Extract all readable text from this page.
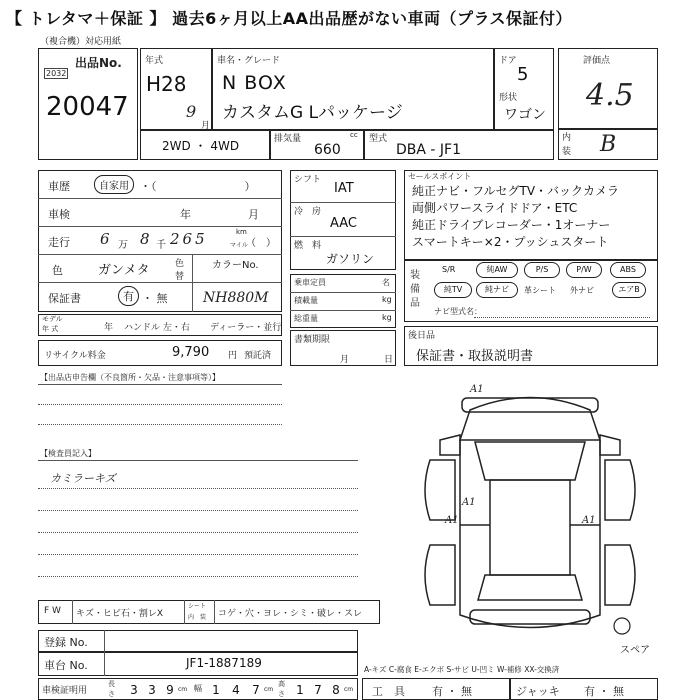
【 トレタマ＋保証 】 過去6ヶ月以上AA出品歴がない車両（プラス保証付）
（複合機）対応用紙
出品No.
2032
20047
年式
H28
9
月
車名・グレード
N BOX
カスタムG Lパッケージ
ドア
5
形状
ワゴン
評価点
4.5
内
装 B
2WD ・ 4WD	排気量	cc
660
型式
DBA - JF1
車歴	自家用	・（　　　　　　　　）
車検	年	月
走行 6 万 8 千 265	km
マイル
（　）
色	ガンメタ	色
替
カラーNo.
NH880M
保証書	有 ・ 無
モデル
年 式	年 ハンドル 左・右 ディーラー・並行
リサイクル料金	9,790 円 預託済
シフト
IAT
冷　房
AAC
燃　料
ガソリン
乗車定員	名
積載量	kg
総重量	kg
書類期限
月	日
セールスポイント
純正ナビ・フルセグTV・バックカメラ
両側パワースライドドア・ETC
純正ドライブレコーダー・1オーナー
スマートキー×2・プッシュスタート
装
備
品
S/R	純AW	P/S	P/W	ABS
純TV	純ナビ	革シート 外ナビ	エアB
ナビ型式名：
後日品
保証書・取扱説明書
【出品店申告欄（不良箇所・欠品・注意事項等）】
【検査員記入】
カミラーキズ
F W キズ・ヒビ石・割レX
シート
内　装 コゲ・穴・ヨレ・シミ・破レ・スレ
登録 No.
車台 No.	JF1-1887189
車検証明用
長
さ 3 3 9 cm 幅 1 4 7 cm
高
さ 1 7 8 cm
A1
A1
A1	A1
スペア
A-キズ C-腐食 E-エクボ S-サビ U-凹ミ W-補修 XX-交換済
工　具 有 ・ 無	ジャッキ 有 ・ 無
